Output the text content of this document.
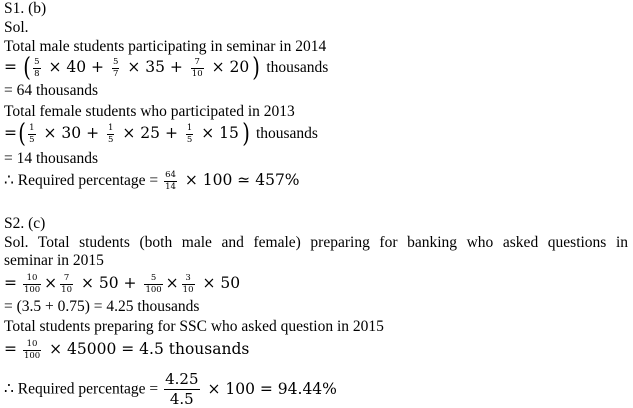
S1. (b)
Sol.
Total male students participating in seminar in 2014
= ( $\frac{5}{8} \times 40 + \frac{5}{7} \times 35 + \frac{7}{10} \times 20$ ) thousands
= 64 thousands
Total female students who participated in 2013
=( $\frac{1}{5} \times 30 + \frac{1}{5} \times 25 + \frac{1}{5} \times 15$ ) thousands
= 14 thousands
∴ Required percentage = $\frac{64}{14} \times 100$ ≃ 457%
S2. (c)
Sol. Total students (both male and female) preparing for banking who asked questions in
seminar in 2015
= $\frac{10}{100} \times \frac{7}{10} \times 50 + \frac{5}{100} \times \frac{3}{10} \times 50$
= (3.5 + 0.75) = 4.25 thousands
Total students preparing for SSC who asked question in 2015
= $\frac{10}{100} \times 45000 = 4.5$ thousands
∴ Required percentage = $\frac{4.25}{4.5} \times 100 = 94.44\%$
